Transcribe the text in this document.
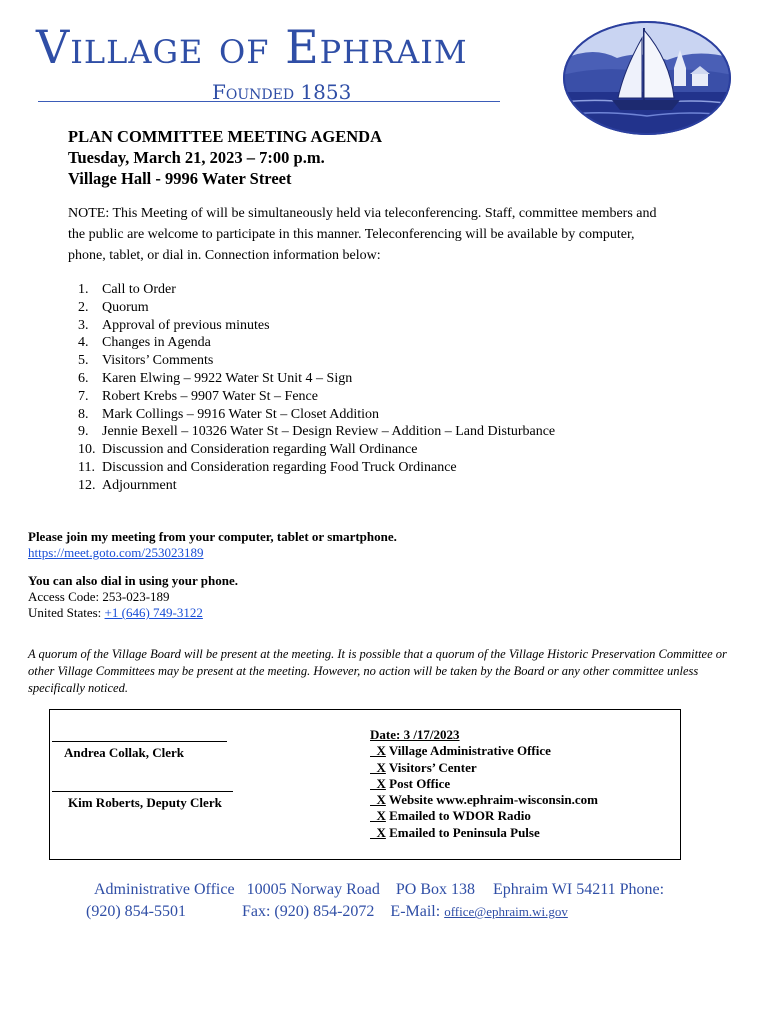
Village of Ephraim
Founded 1853
PLAN COMMITTEE MEETING AGENDA
Tuesday, March 21, 2023 – 7:00 p.m.
Village Hall - 9996 Water Street
NOTE: This Meeting of will be simultaneously held via teleconferencing. Staff, committee members and the public are welcome to participate in this manner. Teleconferencing will be available by computer, phone, tablet, or dial in. Connection information below:
1. Call to Order
2. Quorum
3. Approval of previous minutes
4. Changes in Agenda
5. Visitors’ Comments
6. Karen Elwing – 9922 Water St Unit 4 – Sign
7. Robert Krebs – 9907 Water St – Fence
8. Mark Collings – 9916 Water St – Closet Addition
9. Jennie Bexell – 10326 Water St – Design Review – Addition – Land Disturbance
10. Discussion and Consideration regarding Wall Ordinance
11. Discussion and Consideration regarding Food Truck Ordinance
12. Adjournment
Please join my meeting from your computer, tablet or smartphone.
https://meet.goto.com/253023189
You can also dial in using your phone.
Access Code: 253-023-189
United States: +1 (646) 749-3122
A quorum of the Village Board will be present at the meeting. It is possible that a quorum of the Village Historic Preservation Committee or other Village Committees may be present at the meeting. However, no action will be taken by the Board or any other committee unless specifically noticed.
Andrea Collak, Clerk
Kim Roberts, Deputy Clerk
Date: 3 /17/2023
X Village Administrative Office
X Visitors’ Center
X Post Office
X Website www.ephraim-wisconsin.com
X Emailed to WDOR Radio
X Emailed to Peninsula Pulse
Administrative Office 10005 Norway Road PO Box 138 Ephraim WI 54211 Phone:
(920) 854-5501	Fax: (920) 854-2072 E-Mail: office@ephraim.wi.gov
